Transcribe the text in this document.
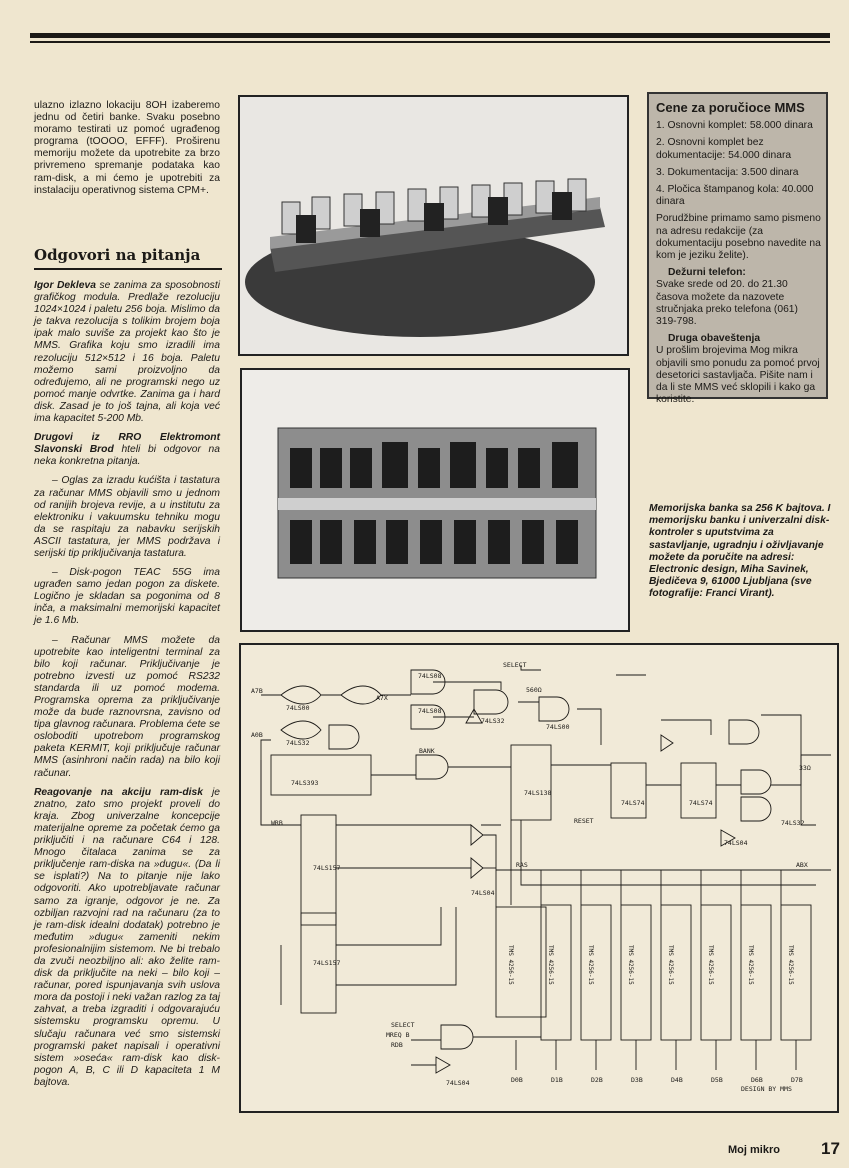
ulazno izlazno lokaciju 8OH izaberemo jednu od četiri banke. Svaku posebno moramo testirati uz pomoć ugrađenog programa (tOOOO, EFFF). Proširenu memoriju možete da upotrebite za brzo privremeno spremanje podataka kao ram-disk, a mi ćemo je upotrebiti za instalaciju operativnog sistema CPM+.

Odgovori na pitanja

Igor Dekleva se zanima za sposobnosti grafičkog modula. Predlaže rezoluciju 1024×1024 i paletu 256 boja. Mislimo da je takva rezolucija s tolikim brojem boja ipak malo suviše za projekt kao što je MMS. Grafika koju smo izradili ima rezoluciju 512×512 i 16 boja. Paletu možemo sami proizvoljno da određujemo, ali ne programski nego uz pomoć manje odvrtke. Zanima ga i hard disk. Zasad je to još tajna, ali koja već ima kapacitet 5-200 Mb.

Drugovi iz RRO Elektromont Slavonski Brod hteli bi odgovor na neka konkretna pitanja.

– Oglas za izradu kućišta i tastatura za računar MMS objavili smo u jednom od ranijih brojeva revije, a u institutu za elektroniku i vakuumsku tehniku mogu da se raspitaju za nabavku serijskih ASCII tastatura, jer MMS podržava i serijski tip priključivanja tastatura.

– Disk-pogon TEAC 55G ima ugrađen samo jedan pogon za diskete. Logično je skladan sa pogonima od 8 inča, a maksimalni memorijski kapacitet je 1.6 Mb.

– Računar MMS možete da upotrebite kao inteligentni terminal za bilo koji računar. Priključivanje je potrebno izvesti uz pomoć RS232 standarda ili uz pomoć modema. Programska oprema za priključivanje može da bude raznovrsna, zavisno od tipa glavnog računara. Problema ćete se osloboditi upotrebom programskog paketa KERMIT, koji priključuje računar MMS (asinhroni način rada) na bilo koji računar.

Reagovanje na akciju ram-disk je znatno, zato smo projekt proveli do kraja. Zbog univerzalne koncepcije materijalne opreme za početak ćemo ga priključiti i na računare C64 i 128. Mnogo čitalaca zanima se za priključenje ram-diska na »dugu«. (Da li se isplati?) Na to pitanje nije lako odgovoriti. Ako upotrebljavate računar samo za igranje, odgovor je ne. Za ozbiljan razvojni rad na računaru (za to je ram-disk idealni dodatak) potrebno je međutim »dugu« zameniti nekim profesionalnijim sistemom. Ne bi trebalo da zvuči neozbiljno ali: ako želite ram-disk da priključite na neki – bilo koji – računar, pored ispunjavanja svih uslova mora da postoji i neki važan razlog za taj zahvat, a treba izgraditi i odgovarajuću sistemsku programsku opremu. U slučaju računara već smo sistemski programski paket napisali i operativni sistem »oseća« ram-disk kao disk-pogon A, B, C ili D kapaciteta 1 M bajtova.

Cene za poručioce MMS

1. Osnovni komplet: 58.000 dinara

2. Osnovni komplet bez dokumentacije: 54.000 dinara

3. Dokumentacija: 3.500 dinara

4. Pločica štampanog kola: 40.000 dinara

Porudžbine primamo samo pismeno na adresu redakcije (za dokumentaciju posebno navedite na kom je jeziku želite).

Dežurni telefon:

Svake srede od 20. do 21.30 časova možete da nazovete stručnjaka preko telefona (061) 319-798.

Druga obaveštenja

U prošlim brojevima Mog mikra objavili smo ponudu za pomoć prvoj desetorici sastavljača. Pišite nam i da li ste MMS već sklopili i kako ga koristite.

Memorijska banka sa 256 K bajtova. I memorijsku banku i univerzalni disk-kontroler s uputstvima za sastavljanje, ugradnju i oživljavanje možete da poručite na adresi: Electronic design, Miha Savinek, Bjedičeva 9, 61000 Ljubljana (sve fotografije: Franci Virant).
SELECT
560Ω
74LS08
74LS08
74LS00
74LS32
74LS32
74LS00
74LS393
BANK
74LS138
74LS74	74LS74
74LS32
33Ω
RESET
RAS
WRB
74LS157
74LS157
74LS04
74LS04
ABX
A7X
A7B
A0B
SELECT
MREQ B
RDB
74LS04
DESIGN BY MMS
TMS 4256-15	TMS 4256-15	TMS 4256-15	TMS 4256-15	TMS 4256-15	TMS 4256-15	TMS 4256-15
TMS 4256-15
D0B	D1B	D2B	D3B	D4B	D5B	D6B	D7B
Moj mikro 17
